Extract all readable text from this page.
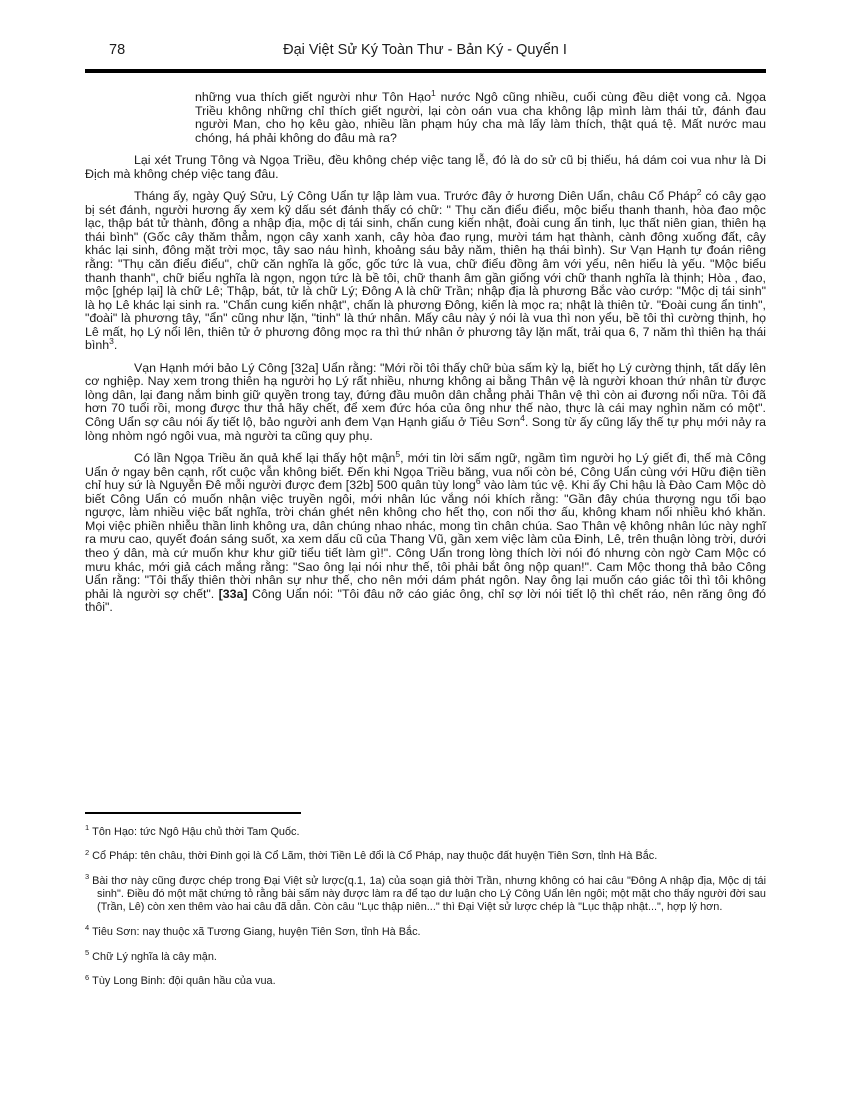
78	Đại Việt Sử Ký Toàn Thư - Bản Ký - Quyển I

những vua thích giết người như Tôn Hạo$^1$ nước Ngô cũng nhiều, cuối cùng đều diệt vong cả. Ngọa Triều không những chỉ thích giết người, lại còn oán vua cha không lập mình làm thái tử, đánh đau người Man, cho họ kêu gào, nhiều lần phạm húy cha mà lấy làm thích, thật quá tệ. Mất nước mau chóng, há phải không do đâu mà ra?

Lại xét Trung Tông và Ngọa Triều, đều không chép việc tang lễ, đó là do sử cũ bị thiếu, há dám coi vua như là Di Địch mà không chép việc tang đâu.

Tháng ấy, ngày Quý Sửu, Lý Công Uẩn tự lập làm vua. Trước đây ở hương Diên Uẩn, châu Cổ Pháp$^2$ có cây gạo bị sét đánh, người hương ấy xem kỹ dấu sét đánh thấy có chữ: " Thụ căn điểu điểu, mộc biểu thanh thanh, hòa đao mộc lạc, thập bát tử thành, đông a nhập địa, mộc dị tái sinh, chấn cung kiến nhật, đoài cung ẩn tinh, lục thất niên gian, thiên hạ thái bình" (Gốc cây thăm thẳm, ngọn cây xanh xanh, cây hòa đao rụng, mười tám hạt thành, cành đông xuống đất, cây khác lại sinh, đông mặt trời mọc, tây sao náu hình, khoảng sáu bảy năm, thiên hạ thái bình). Sư Vạn Hạnh tự đoán riêng rằng: "Thụ căn điểu điểu", chữ căn nghĩa là gốc, gốc tức là vua, chữ điểu đồng âm với yểu, nên hiểu là yếu. "Mộc biểu thanh thanh", chữ biểu nghĩa là ngọn, ngọn tức là bề tôi, chữ thanh âm gần giống với chữ thanh nghĩa là thịnh; Hòa , đao, mộc [ghép lại] là chữ Lê; Thập, bát, tử là chữ Lý; Đông A là chữ Trần; nhập địa là phương Bắc vào cướp: "Mộc dị tái sinh" là họ Lê khác lại sinh ra. "Chấn cung kiến nhật", chấn là phương Đông, kiến là mọc ra; nhật là thiên tử. "Đoài cung ẩn tinh", "đoài" là phương tây, "ẩn" cũng như lặn, "tinh" là thứ nhân. Mấy câu này ý nói là vua thì non yểu, bề tôi thì cường thịnh, họ Lê mất, họ Lý nổi lên, thiên tử ở phương đông mọc ra thì thứ nhân ở phương tây lặn mất, trải qua 6, 7 năm thì thiên hạ thái bình$^3$.

Vạn Hạnh mới bảo Lý Công [32a] Uẩn rằng: "Mới rồi tôi thấy chữ bùa sấm kỳ lạ, biết họ Lý cường thịnh, tất dấy lên cơ nghiệp. Nay xem trong thiên hạ người họ Lý rất nhiều, nhưng không ai bằng Thân vệ là người khoan thứ nhân từ được lòng dân, lại đang nắm binh giữ quyền trong tay, đứng đầu muôn dân chẳng phải Thân vệ thì còn ai đương nổi nữa. Tôi đã hơn 70 tuổi rồi, mong được thư thả hãy chết, để xem đức hóa của ông như thế nào, thực là cái may nghìn năm có một". Công Uẩn sợ câu nói ấy tiết lộ, bảo người anh đem Vạn Hạnh giấu ở Tiêu Sơn$^4$. Song từ ấy cũng lấy thế tự phụ mới nảy ra lòng nhòm ngó ngôi vua, mà người ta cũng quy phụ.

Có lần Ngọa Triều ăn quả khế lại thấy hột mận$^5$, mới tin lời sấm ngữ, ngầm tìm người họ Lý giết đi, thế mà Công Uẩn ở ngay bên cạnh, rốt cuộc vẫn không biết. Đến khi Ngọa Triều băng, vua nối còn bé, Công Uẩn cùng với Hữu điện tiền chỉ huy sứ là Nguyễn Đê mỗi người được đem [32b] 500 quân tùy long$^6$ vào làm túc vệ. Khi ấy Chi hậu là Đào Cam Mộc dò biết Công Uẩn có muốn nhận việc truyền ngôi, mới nhân lúc vắng nói khích rằng: "Gần đây chúa thượng ngu tối bạo ngược, làm nhiều việc bất nghĩa, trời chán ghét nên không cho hết thọ, con nối thơ ấu, không kham nổi nhiều khó khăn. Mọi việc phiền nhiễu thần linh không ưa, dân chúng nhao nhác, mong tìn chân chúa. Sao Thân vệ không nhân lúc này nghĩ ra mưu cao, quyết đoán sáng suốt, xa xem dấu cũ của Thang Vũ, gần xem việc làm của Đinh, Lê, trên thuận lòng trời, dưới theo ý dân, mà cứ muốn khư khư giữ tiểu tiết làm gì!". Công Uẩn trong lòng thích lời nói đó nhưng còn ngờ Cam Mộc có mưu khác, mới giả cách mắng rằng: "Sao ông lại nói như thế, tôi phải bắt ông nộp quan!". Cam Mộc thong thả bảo Công Uẩn rằng: "Tôi thấy thiên thời nhân sự như thế, cho nên mới dám phát ngôn. Nay ông lại muốn cáo giác tôi thì tôi không phải là người sợ chết". [33a] Công Uẩn nói: "Tôi đâu nỡ cáo giác ông, chỉ sợ lời nói tiết lộ thì chết ráo, nên răng ông đó thôi".

$^1$ Tôn Hạo: tức Ngô Hậu chủ thời Tam Quốc.
$^2$ Cổ Pháp: tên châu, thời Đinh gọi là Cổ Lãm, thời Tiền Lê đổi là Cổ Pháp, nay thuộc đất huyện Tiên Sơn, tỉnh Hà Bắc.
$^3$ Bài thơ này cũng được chép trong Đại Việt sử lược(q.1, 1a) của soạn giả thời Trần, nhưng không có hai câu "Đông A nhập địa, Mộc dị tái sinh". Điều đó một mặt chứng tỏ rằng bài sấm này được làm ra để tạo dư luận cho Lý Công Uẩn lên ngôi; một mặt cho thấy người đời sau (Trần, Lê) còn xen thêm vào hai câu đã dẫn. Còn câu "Lục thập niên..." thì Đại Việt sử lược chép là "Lục thập nhật...", hợp lý hơn.
$^4$ Tiêu Sơn: nay thuộc xã Tương Giang, huyện Tiên Sơn, tỉnh Hà Bắc.
$^5$ Chữ Lý nghĩa là cây mận.
$^6$ Tùy Long Binh: đội quân hầu của vua.
